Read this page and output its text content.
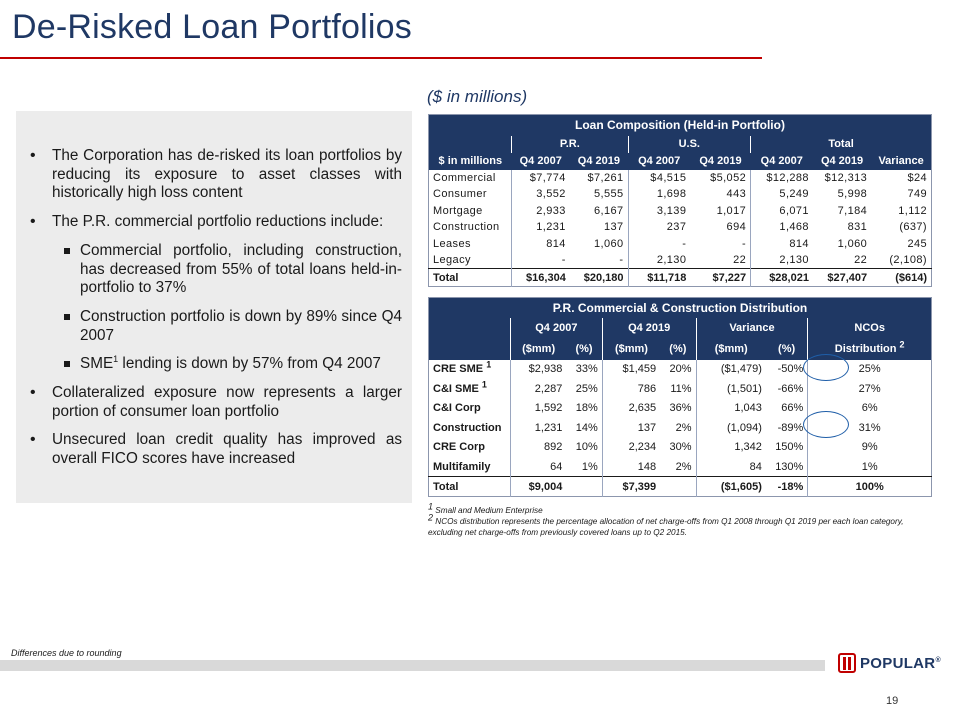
De-Risked Loan Portfolios
($ in millions)
• The Corporation has de-risked its loan portfolios by reducing its exposure to asset classes with historically high loss content
• The P.R. commercial portfolio reductions include:
Commercial portfolio, including construction, has decreased from 55% of total loans held-in-portfolio to 37%
Construction portfolio is down by 89% since Q4 2007
SME$^1$ lending is down by 57% from Q4 2007
• Collateralized exposure now represents a larger portion of consumer loan portfolio
• Unsecured loan credit quality has improved as overall FICO scores have increased
Loan Composition (Held-in Portfolio)							
	P.R.		U.S.		Total		
$ in millions	Q4 2007	Q4 2019	Q4 2007	Q4 2019	Q4 2007	Q4 2019	Variance
Commercial	$7,774	$7,261	$4,515	$5,052	$12,288	$12,313	$24
Consumer	3,552	5,555	1,698	443	5,249	5,998	749
Mortgage	2,933	6,167	3,139	1,017	6,071	7,184	1,112
Construction	1,231	137	237	694	1,468	831	(637)
Leases	814	1,060	-	-	814	1,060	245
Legacy	-	-	2,130	22	2,130	22	(2,108)
Total	$16,304	$20,180	$11,718	$7,227	$28,021	$27,407	($614)
P.R. Commercial & Construction Distribution							
	Q4 2007		Q4 2019		Variance		NCOs
	($mm)	(%)	($mm)	(%)	($mm)	(%)	Distribution $^2$
CRE SME $^1$	$2,938	33%	$1,459	20%	($1,479)	-50%	25%
C&I SME $^1$	2,287	25%	786	11%	(1,501)	-66%	27%
C&I Corp	1,592	18%	2,635	36%	1,043	66%	6%
Construction	1,231	14%	137	2%	(1,094)	-89%	31%
CRE Corp	892	10%	2,234	30%	1,342	150%	9%
Multifamily	64	1%	148	2%	84	130%	1%
Total	$9,004		$7,399		($1,605)	-18%	100%
1 Small and Medium Enterprise
2 NCOs distribution represents the percentage allocation of net charge-offs from Q1 2008 through Q1 2019 per each loan category, excluding net charge-offs from previously covered loans up to Q2 2015.
Differences due to rounding
POPULAR®
19
